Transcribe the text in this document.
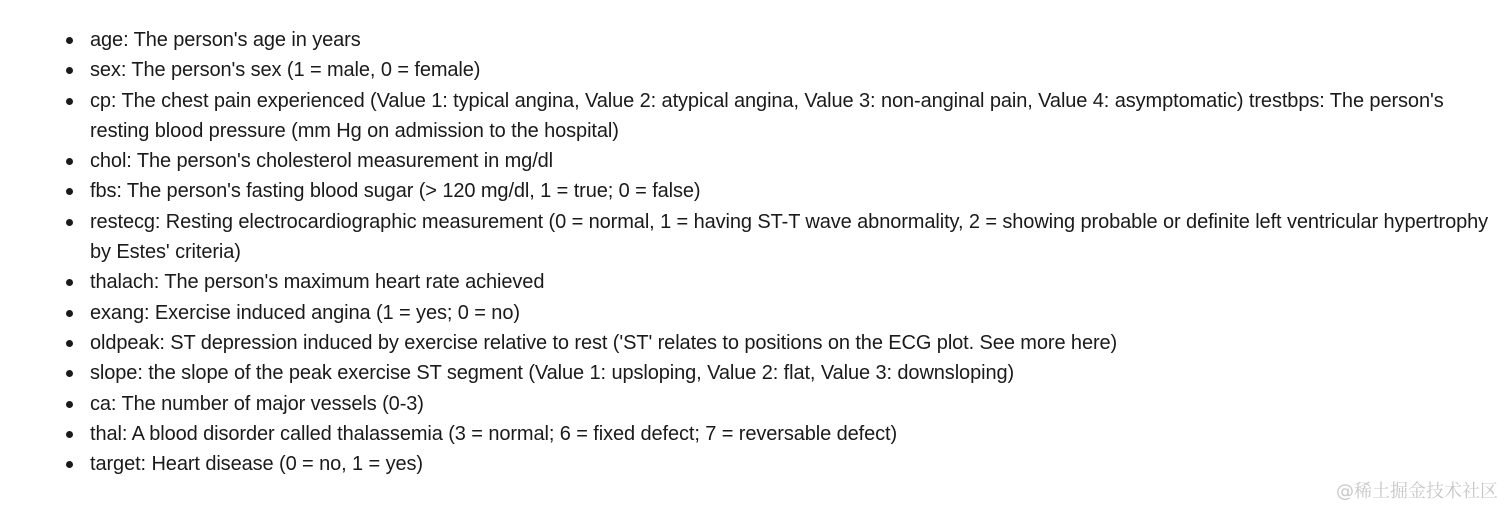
age: The person's age in years
sex: The person's sex (1 = male, 0 = female)
cp: The chest pain experienced (Value 1: typical angina, Value 2: atypical angina, Value 3: non-anginal pain, Value 4: asymptomatic) trestbps: The person's resting blood pressure (mm Hg on admission to the hospital)
chol: The person's cholesterol measurement in mg/dl
fbs: The person's fasting blood sugar (> 120 mg/dl, 1 = true; 0 = false)
restecg: Resting electrocardiographic measurement (0 = normal, 1 = having ST-T wave abnormality, 2 = showing probable or definite left ventricular hypertrophy by Estes' criteria)
thalach: The person's maximum heart rate achieved
exang: Exercise induced angina (1 = yes; 0 = no)
oldpeak: ST depression induced by exercise relative to rest ('ST' relates to positions on the ECG plot. See more here)
slope: the slope of the peak exercise ST segment (Value 1: upsloping, Value 2: flat, Value 3: downsloping)
ca: The number of major vessels (0-3)
thal: A blood disorder called thalassemia (3 = normal; 6 = fixed defect; 7 = reversable defect)
target: Heart disease (0 = no, 1 = yes)
@稀土掘金技术社区
